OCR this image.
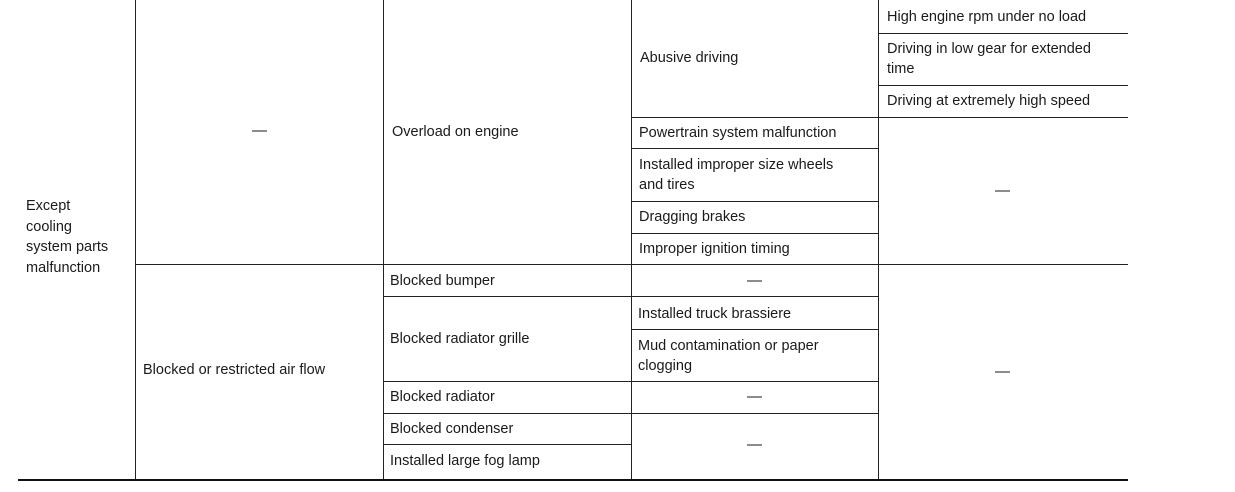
Except
cooling
system parts
malfunction
—
Blocked or restricted air flow
Overload on engine
Blocked bumper
Blocked radiator grille
Blocked radiator
Blocked condenser
Installed large fog lamp
Abusive driving
Powertrain system malfunction
Installed improper size wheels
and tires
Dragging brakes
Improper ignition timing
—
Installed truck brassiere
Mud contamination or paper
clogging
—
—
High engine rpm under no load
Driving in low gear for extended
time
Driving at extremely high speed
—
—
